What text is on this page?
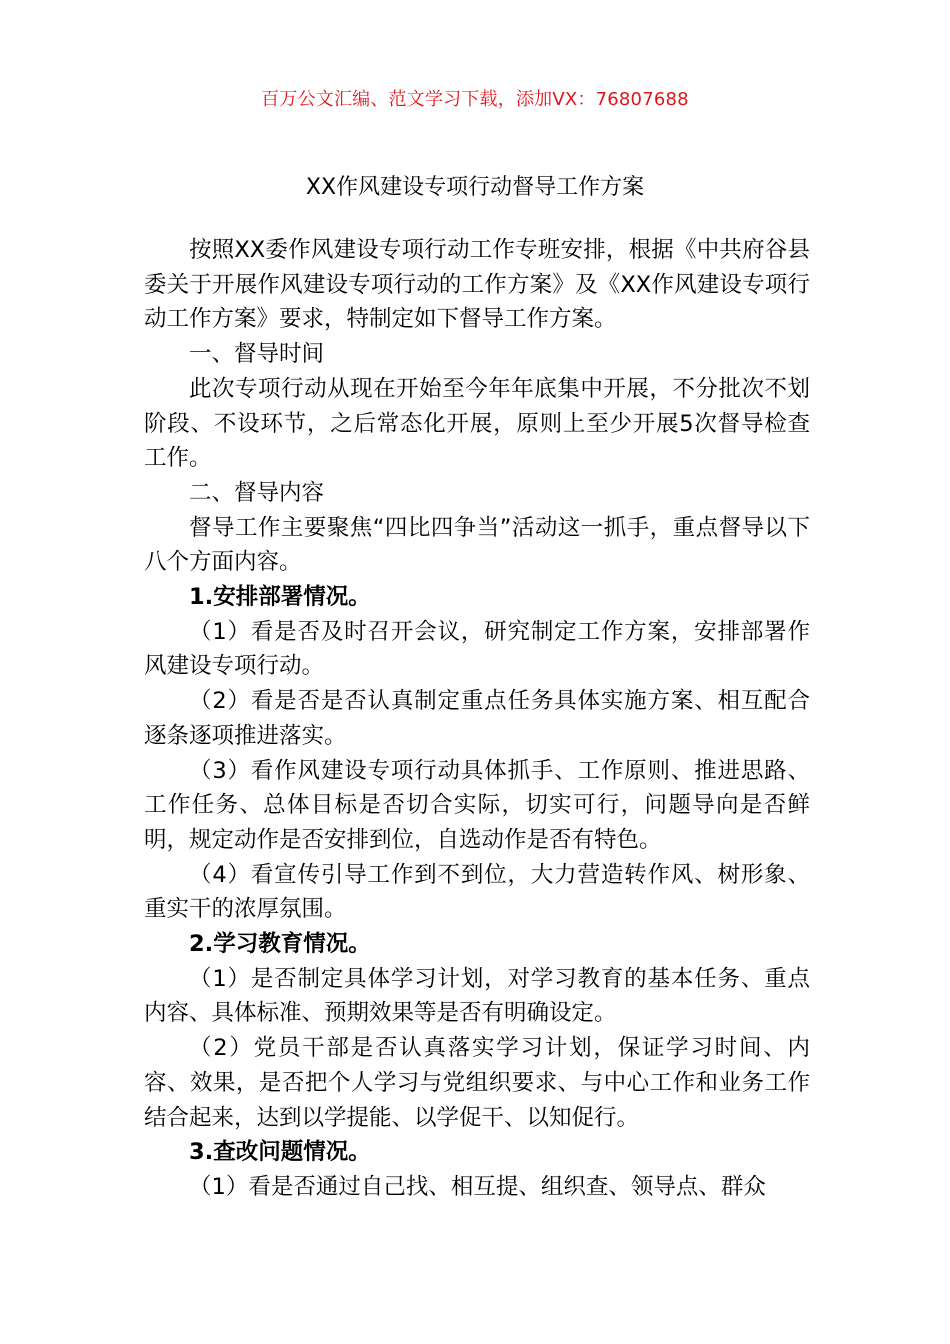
百万公文汇编、范文学习下载，添加VX：76807688
XX作风建设专项行动督导工作方案

按照XX委作风建设专项行动工作专班安排，根据《中共府谷县委关于开展作风建设专项行动的工作方案》及《XX作风建设专项行动工作方案》要求，特制定如下督导工作方案。

一、督导时间

此次专项行动从现在开始至今年年底集中开展，不分批次不划阶段、不设环节，之后常态化开展，原则上至少开展5次督导检查工作。

二、督导内容

督导工作主要聚焦“四比四争当”活动这一抓手，重点督导以下八个方面内容。

1.安排部署情况。

（1）看是否及时召开会议，研究制定工作方案，安排部署作风建设专项行动。

（2）看是否是否认真制定重点任务具体实施方案、相互配合逐条逐项推进落实。

（3）看作风建设专项行动具体抓手、工作原则、推进思路、工作任务、总体目标是否切合实际，切实可行，问题导向是否鲜明，规定动作是否安排到位，自选动作是否有特色。

（4）看宣传引导工作到不到位，大力营造转作风、树形象、重实干的浓厚氛围。

2.学习教育情况。

（1）是否制定具体学习计划，对学习教育的基本任务、重点内容、具体标准、预期效果等是否有明确设定。

（2）党员干部是否认真落实学习计划，保证学习时间、内容、效果，是否把个人学习与党组织要求、与中心工作和业务工作结合起来，达到以学提能、以学促干、以知促行。

3.查改问题情况。

（1）看是否通过自己找、相互提、组织查、领导点、群众
